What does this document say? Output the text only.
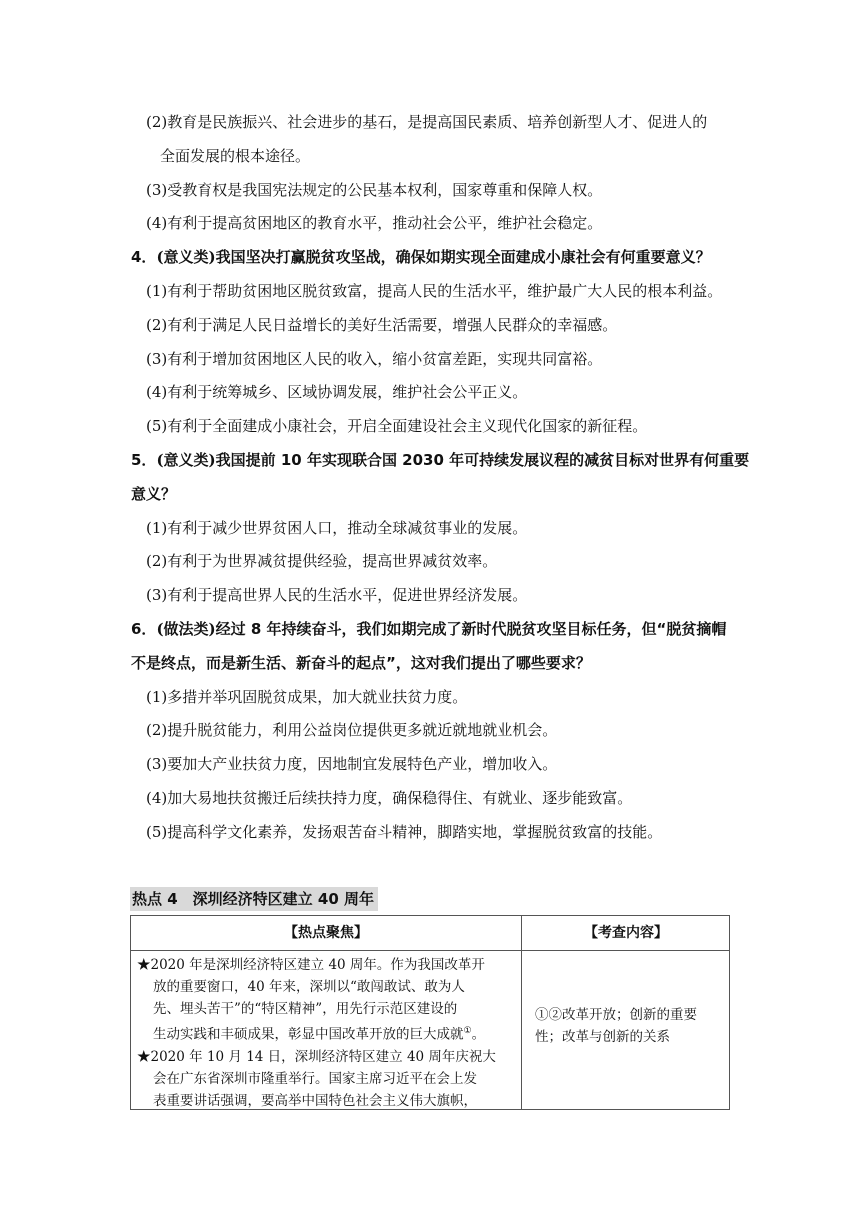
(2)教育是民族振兴、社会进步的基石，是提高国民素质、培养创新型人才、促进人的
全面发展的根本途径。
(3)受教育权是我国宪法规定的公民基本权利，国家尊重和保障人权。
(4)有利于提高贫困地区的教育水平，推动社会公平，维护社会稳定。
4．(意义类)我国坚决打赢脱贫攻坚战，确保如期实现全面建成小康社会有何重要意义？
(1)有利于帮助贫困地区脱贫致富，提高人民的生活水平，维护最广大人民的根本利益。
(2)有利于满足人民日益增长的美好生活需要，增强人民群众的幸福感。
(3)有利于增加贫困地区人民的收入，缩小贫富差距，实现共同富裕。
(4)有利于统筹城乡、区域协调发展，维护社会公平正义。
(5)有利于全面建成小康社会，开启全面建设社会主义现代化国家的新征程。
5．(意义类)我国提前 10 年实现联合国 2030 年可持续发展议程的减贫目标对世界有何重要
意义？
(1)有利于减少世界贫困人口，推动全球减贫事业的发展。
(2)有利于为世界减贫提供经验，提高世界减贫效率。
(3)有利于提高世界人民的生活水平，促进世界经济发展。
6．(做法类)经过 8 年持续奋斗，我们如期完成了新时代脱贫攻坚目标任务，但“脱贫摘帽
不是终点，而是新生活、新奋斗的起点”，这对我们提出了哪些要求？
(1)多措并举巩固脱贫成果，加大就业扶贫力度。
(2)提升脱贫能力，利用公益岗位提供更多就近就地就业机会。
(3)要加大产业扶贫力度，因地制宜发展特色产业，增加收入。
(4)加大易地扶贫搬迁后续扶持力度，确保稳得住、有就业、逐步能致富。
(5)提高科学文化素养，发扬艰苦奋斗精神，脚踏实地，掌握脱贫致富的技能。
热点 4　深圳经济特区建立 40 周年
【热点聚焦】	【考查内容】
★2020 年是深圳经济特区建立 40 周年。作为我国改革开
放的重要窗口，40 年来，深圳以“敢闯敢试、敢为人
先、埋头苦干”的“特区精神”，用先行示范区建设的
生动实践和丰硕成果，彰显中国改革开放的巨大成就①。
★2020 年 10 月 14 日，深圳经济特区建立 40 周年庆祝大
会在广东省深圳市隆重举行。国家主席习近平在会上发
表重要讲话强调，要高举中国特色社会主义伟大旗帜，
①②改革开放；创新的重要
性；改革与创新的关系
